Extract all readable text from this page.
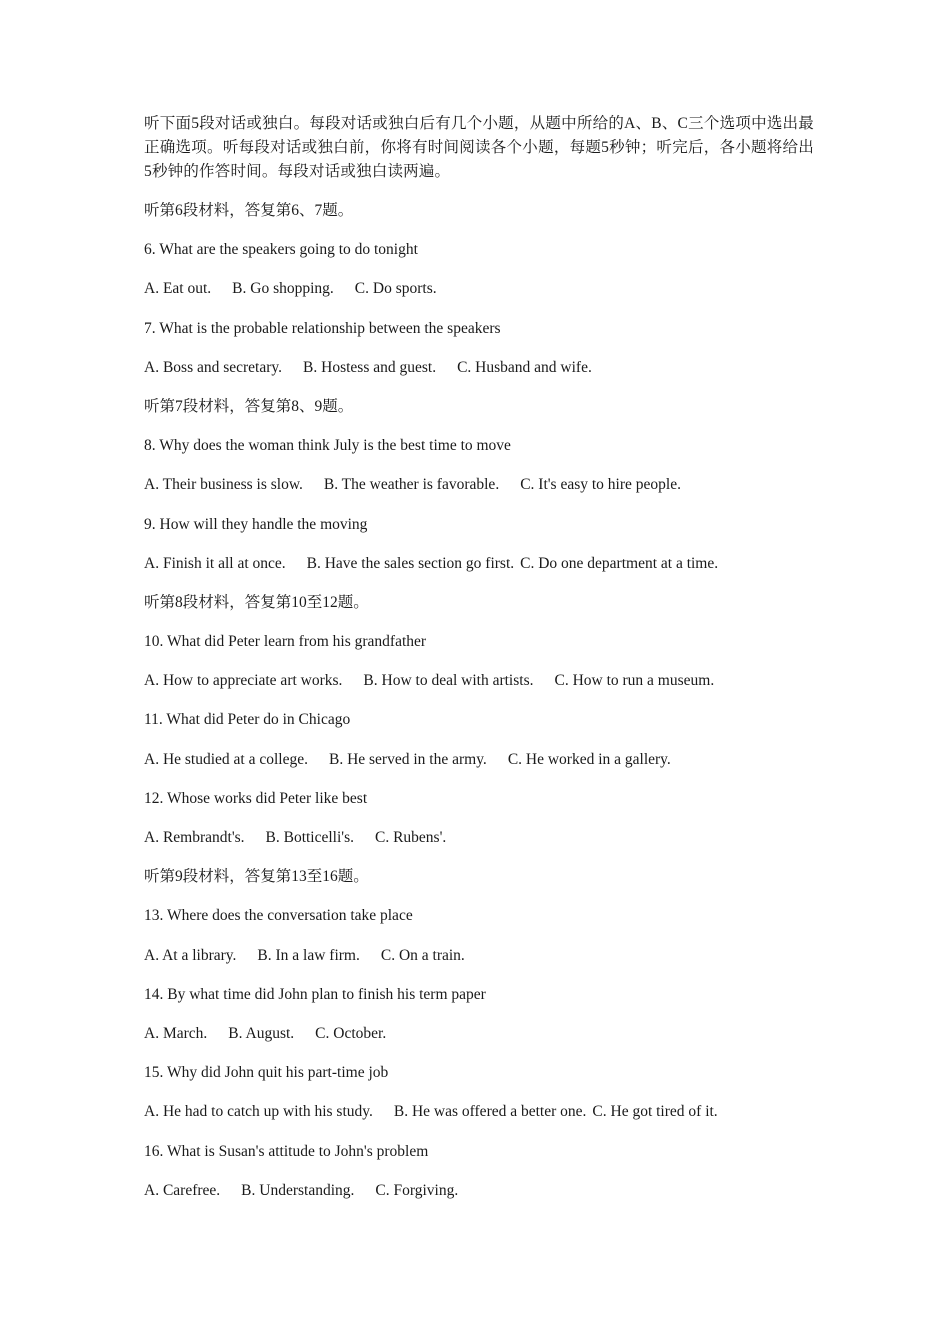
听下面5段对话或独白。每段对话或独白后有几个小题，从题中所给的A、B、C三个选项中选出最正确选项。听每段对话或独白前，你将有时间阅读各个小题，每题5秒钟；听完后，各小题将给出5秒钟的作答时间。每段对话或独白读两遍。

听第6段材料，答复第6、7题。
6. What are the speakers going to do tonight
A. Eat out. B. Go shopping. C. Do sports.
7. What is the probable relationship between the speakers
A. Boss and secretary. B. Hostess and guest. C. Husband and wife.
听第7段材料，答复第8、9题。
8. Why does the woman think July is the best time to move
A. Their business is slow. B. The weather is favorable. C. It's easy to hire people.
9. How will they handle the moving
A. Finish it all at once. B. Have the sales section go first. C. Do one department at a time.
听第8段材料，答复第10至12题。
10. What did Peter learn from his grandfather
A. How to appreciate art works. B. How to deal with artists. C. How to run a museum.
11. What did Peter do in Chicago
A. He studied at a college. B. He served in the army. C. He worked in a gallery.
12. Whose works did Peter like best
A. Rembrandt's. B. Botticelli's. C. Rubens'.
听第9段材料，答复第13至16题。
13. Where does the conversation take place
A. At a library. B. In a law firm. C. On a train.
14. By what time did John plan to finish his term paper
A. March. B. August. C. October.
15. Why did John quit his part-time job
A. He had to catch up with his study. B. He was offered a better one. C. He got tired of it.
16. What is Susan's attitude to John's problem
A. Carefree. B. Understanding. C. Forgiving.
